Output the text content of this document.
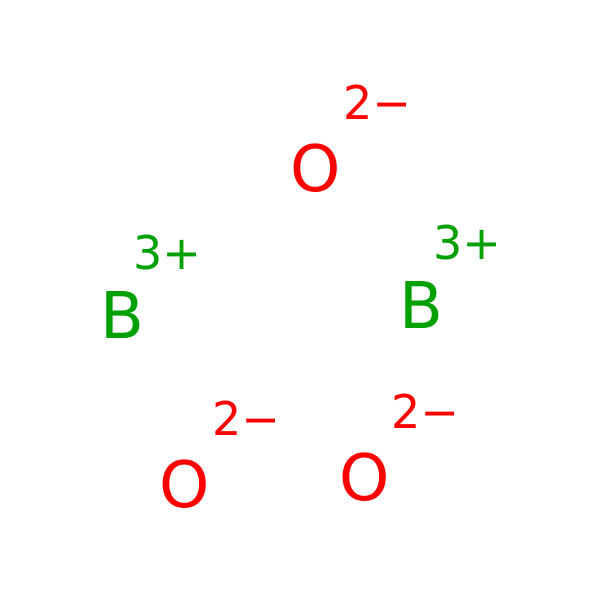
O
2−
B
3+
B
3+
O
2−
O
2−
